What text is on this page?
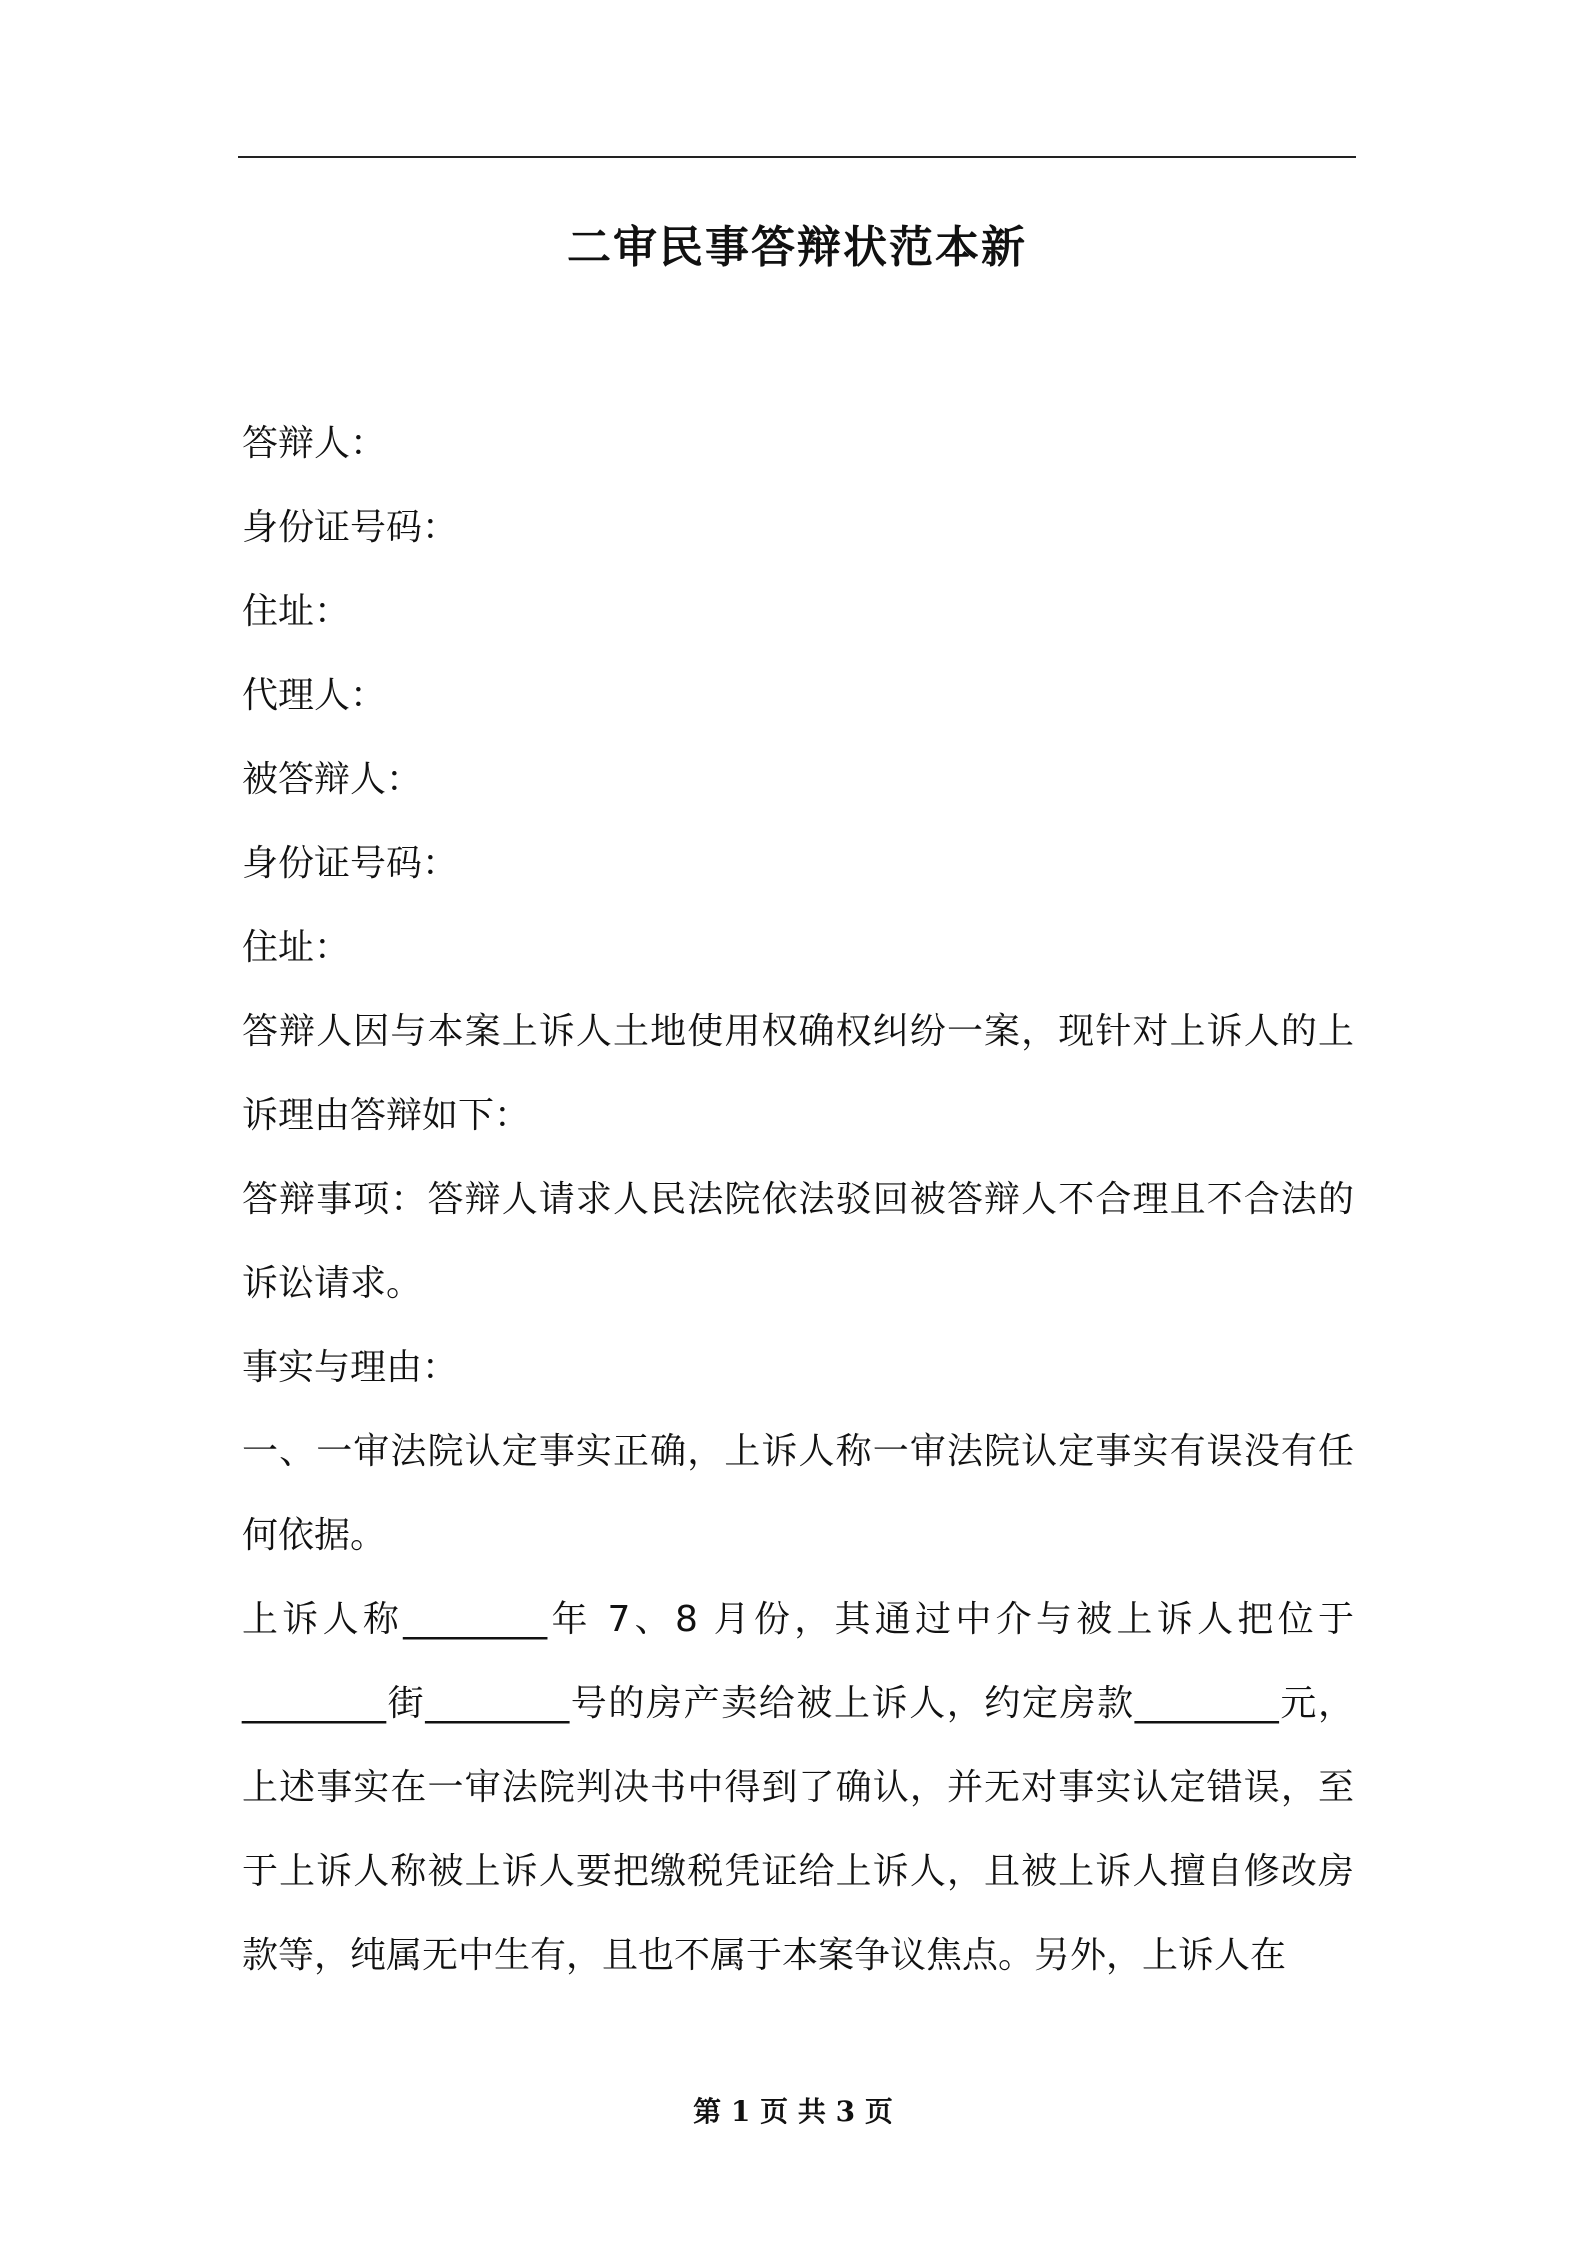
二审民事答辩状范本新

答辩人：

身份证号码：

住址：

代理人：

被答辩人：

身份证号码：

住址：

答辩人因与本案上诉人土地使用权确权纠纷一案，现针对上诉人的上诉理由答辩如下：

答辩事项：答辩人请求人民法院依法驳回被答辩人不合理且不合法的诉讼请求。

事实与理由：

一、一审法院认定事实正确，上诉人称一审法院认定事实有误没有任何依据。

上诉人称________年 7、8 月份，其通过中介与被上诉人把位于________街________号的房产卖给被上诉人，约定房款________元，上述事实在一审法院判决书中得到了确认，并无对事实认定错误，至于上诉人称被上诉人要把缴税凭证给上诉人，且被上诉人擅自修改房款等，纯属无中生有，且也不属于本案争议焦点。另外，上诉人在

第 1 页 共 3 页
